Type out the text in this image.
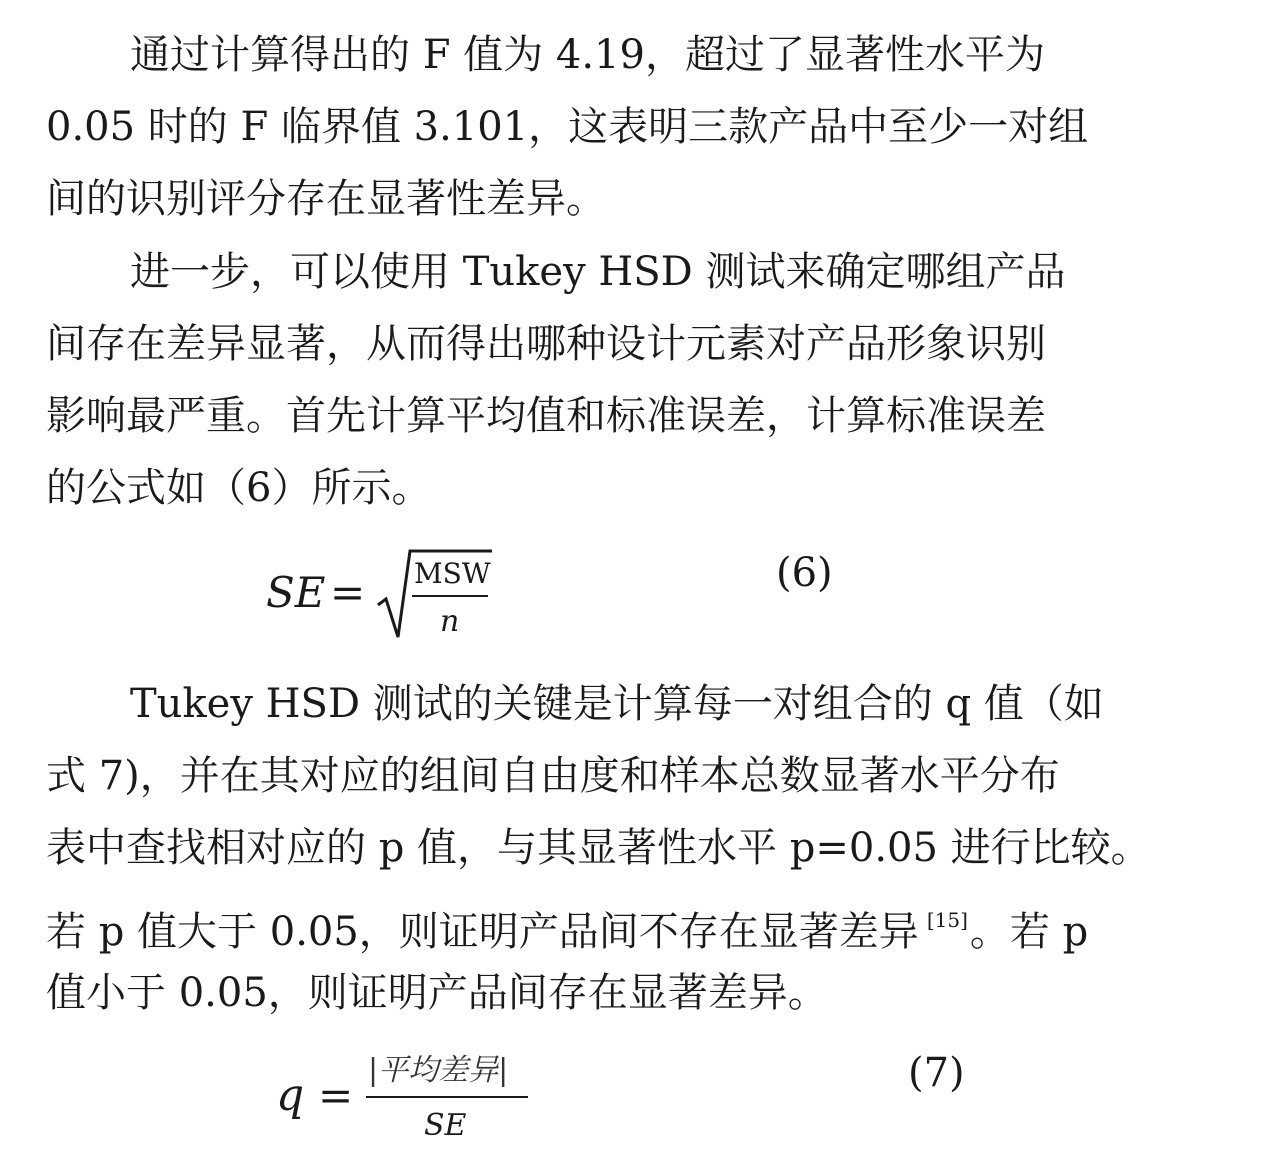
通过计算得出的 F 值为 4.19，超过了显著性水平为
0.05 时的 F 临界值 3.101，这表明三款产品中至少一对组
间的识别评分存在显著性差异。
进一步，可以使用 Tukey HSD 测试来确定哪组产品
间存在差异显著，从而得出哪种设计元素对产品形象识别
影响最严重。首先计算平均值和标准误差，计算标准误差
的公式如（6）所示。
SE = MSW
n
(6)
Tukey HSD 测试的关键是计算每一对组合的 q 值（如
式 7)，并在其对应的组间自由度和样本总数显著水平分布
表中查找相对应的 p 值，与其显著性水平 p=0.05 进行比较。
若 p 值大于 0.05，则证明产品间不存在显著差异 [15]。若 p
值小于 0.05，则证明产品间存在显著差异。
q =
|平均差异|
SE
(7)
